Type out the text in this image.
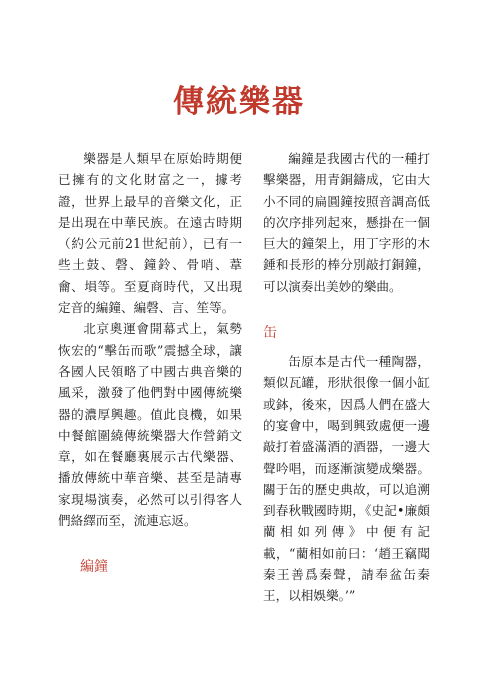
傳統樂器

樂器是人類早在原始時期便已擁有的文化財富之一，據考證，世界上最早的音樂文化，正是出現在中華民族。在遠古時期（約公元前21世紀前），已有一些土鼓、磬、鐘鈴、骨哨、葦龠、塤等。至夏商時代，又出現定音的編鐘、編磬、言、笙等。

北京奧運會開幕式上，氣勢恢宏的“擊缶而歌”震撼全球，讓各國人民領略了中國古典音樂的風采，激發了他們對中國傳統樂器的濃厚興趣。值此良機，如果中餐館圍繞傳統樂器大作營銷文章，如在餐廳裏展示古代樂器、播放傳統中華音樂、甚至是請專家現場演奏，必然可以引得客人們絡繹而至，流連忘返。

編鐘

編鐘是我國古代的一種打擊樂器，用青銅鑄成，它由大小不同的扁圓鐘按照音調高低的次序排列起來，懸掛在一個巨大的鐘架上，用丁字形的木錘和長形的棒分別敲打銅鐘，可以演奏出美妙的樂曲。

缶

缶原本是古代一種陶器，類似瓦罐，形狀很像一個小缸或鉢，後來，因爲人們在盛大的宴會中，喝到興致處便一邊敲打着盛滿酒的酒器，一邊大聲吟唱，而逐漸演變成樂器。關于缶的歷史典故，可以追溯到春秋戰國時期，《史記•廉頗藺相如列傳》中便有記載，“藺相如前曰：‘趙王竊聞秦王善爲秦聲，請奉盆缶秦王，以相娛樂。’”
